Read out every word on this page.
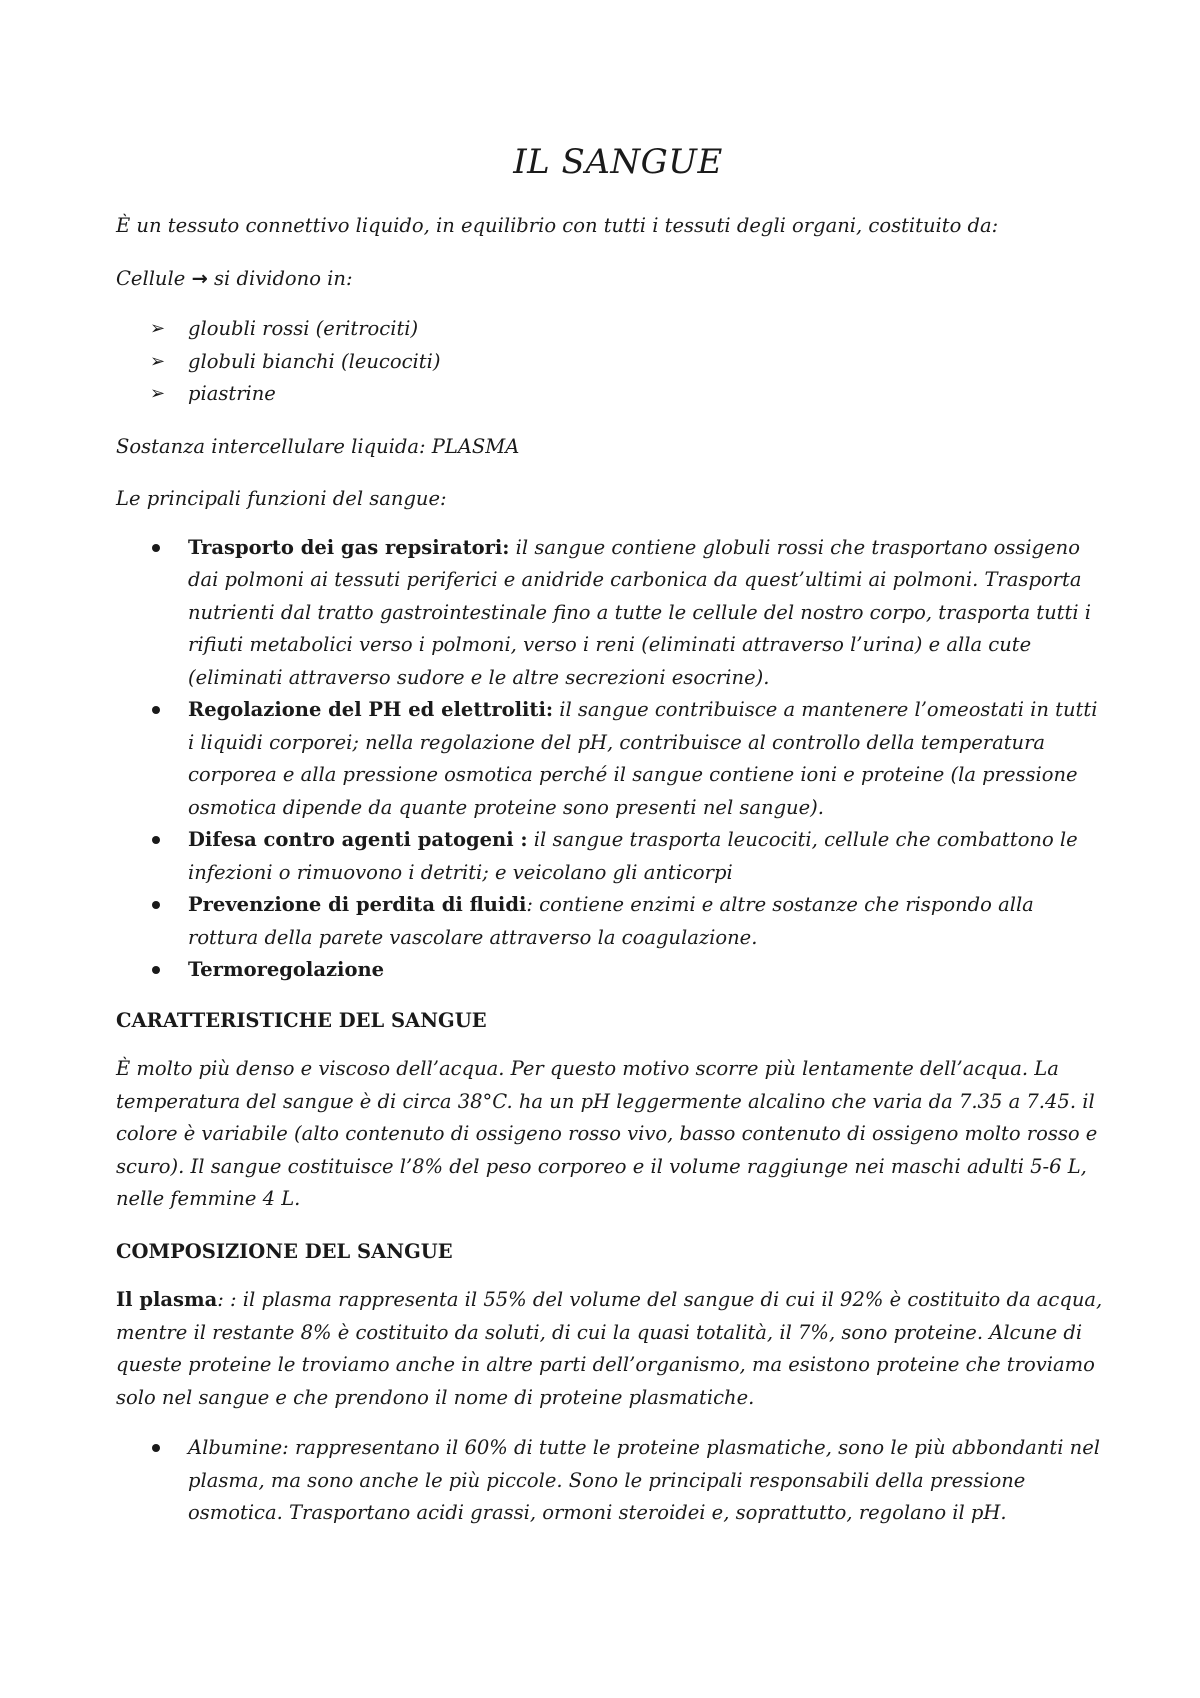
IL SANGUE

È un tessuto connettivo liquido, in equilibrio con tutti i tessuti degli organi, costituito da:

Cellule → si dividono in:

➢ gloubli rossi (eritrociti)
➢ globuli bianchi (leucociti)
➢ piastrine

Sostanza intercellulare liquida: PLASMA

Le principali funzioni del sangue:

Trasporto dei gas repsiratori: il sangue contiene globuli rossi che trasportano ossigeno dai polmoni ai tessuti periferici e anidride carbonica da quest’ultimi ai polmoni. Trasporta nutrienti dal tratto gastrointestinale fino a tutte le cellule del nostro corpo, trasporta tutti i rifiuti metabolici verso i polmoni, verso i reni (eliminati attraverso l’urina) e alla cute (eliminati attraverso sudore e le altre secrezioni esocrine).
Regolazione del PH ed elettroliti: il sangue contribuisce a mantenere l’omeostati in tutti i liquidi corporei; nella regolazione del pH, contribuisce al controllo della temperatura corporea e alla pressione osmotica perché il sangue contiene ioni e proteine (la pressione osmotica dipende da quante proteine sono presenti nel sangue).
Difesa contro agenti patogeni : il sangue trasporta leucociti, cellule che combattono le infezioni o rimuovono i detriti; e veicolano gli anticorpi
Prevenzione di perdita di fluidi: contiene enzimi e altre sostanze che rispondo alla rottura della parete vascolare attraverso la coagulazione.
Termoregolazione

CARATTERISTICHE DEL SANGUE

È molto più denso e viscoso dell’acqua. Per questo motivo scorre più lentamente dell’acqua. La temperatura del sangue è di circa 38°C. ha un pH leggermente alcalino che varia da 7.35 a 7.45. il colore è variabile (alto contenuto di ossigeno rosso vivo, basso contenuto di ossigeno molto rosso e scuro). Il sangue costituisce l’8% del peso corporeo e il volume raggiunge nei maschi adulti 5-6 L, nelle femmine 4 L.

COMPOSIZIONE DEL SANGUE

Il plasma: : il plasma rappresenta il 55% del volume del sangue di cui il 92% è costituito da acqua, mentre il restante 8% è costituito da soluti, di cui la quasi totalità, il 7%, sono proteine. Alcune di queste proteine le troviamo anche in altre parti dell’organismo, ma esistono proteine che troviamo solo nel sangue e che prendono il nome di proteine plasmatiche.

Albumine: rappresentano il 60% di tutte le proteine plasmatiche, sono le più abbondanti nel plasma, ma sono anche le più piccole. Sono le principali responsabili della pressione osmotica. Trasportano acidi grassi, ormoni steroidei e, soprattutto, regolano il pH.
